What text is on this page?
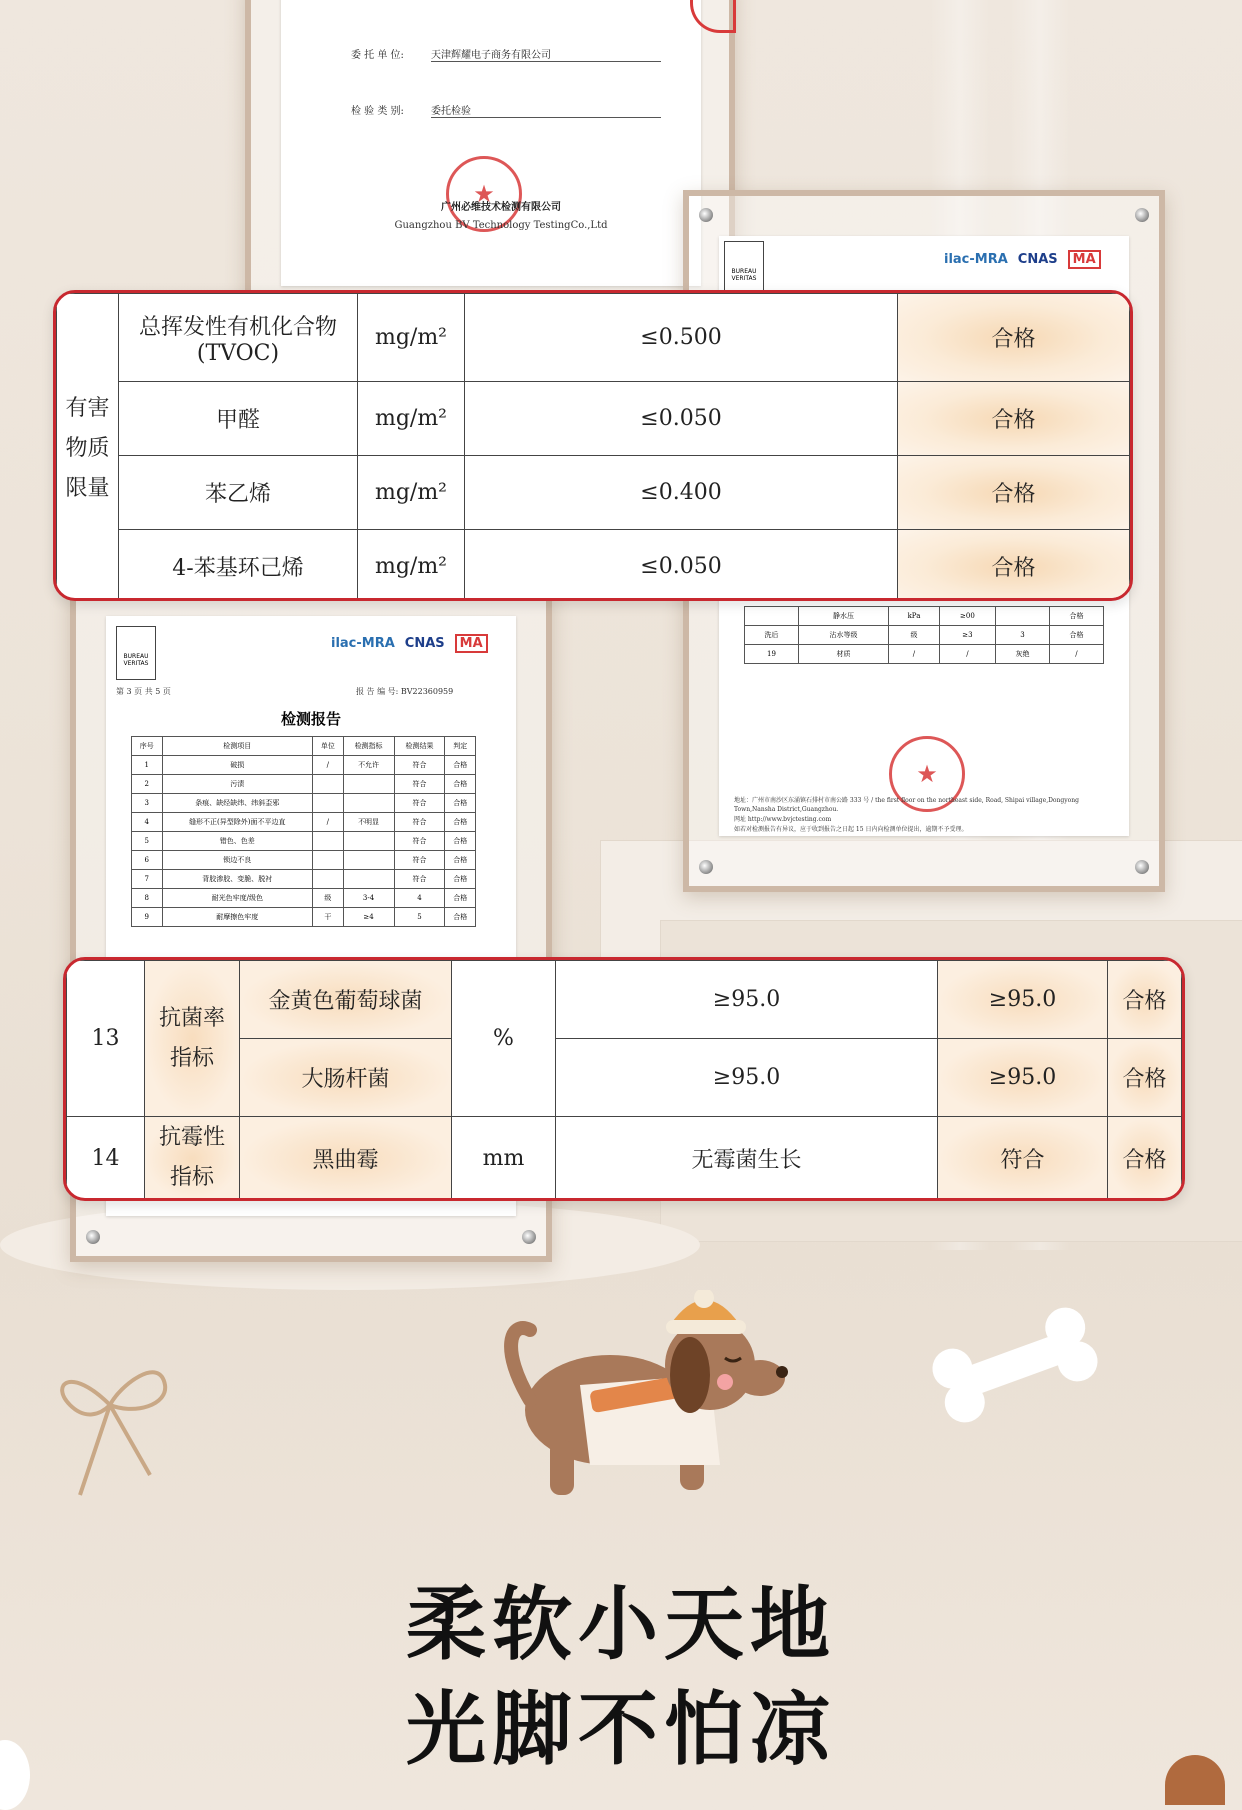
委 托 单 位:	天津辉耀电子商务有限公司
检 验 类 别:	委托检验
★
广州必维技术检测有限公司
Guangzhou BV Technology TestingCo.,Ltd
BUREAU VERITAS
ilac-MRA CNAS	MA
	静水压	kPa	≥00		合格
洗后	沾水等级	级	≥3	3	合格
19	材质	/	/	灰绝	/
★
地址：广州市南沙区东涌镇石排村市南公路 333 号 / the first floor on the northeast side, Road, Shipai village,Dongyong Town,Nansha District,Guangzhou.
网址 http://www.bvjctesting.com
如若对检测报告有异议，应于收到报告之日起 15 日内向检测单位提出，逾期不予受理。
BUREAU VERITAS
ilac-MRA CNAS	MA
第 3 页 共 5 页	报 告 编 号: BV22360959
检测报告
序号	检测项目	单位	检测指标	检测结果	判定
1	破损	/	不允许	符合	合格
2	污渍			符合	合格
3	条痕、缺经缺纬、纬斜歪邪			符合	合格
4	缝形不正(异型除外)面不平边直	/	不明显	符合	合格
5	错色、色差			符合	合格
6	锁边不良			符合	合格
7	背胶渗胶、变脆、脱衬			符合	合格
8	耐光色牢度/级色	级	3-4	4	合格
9	耐摩擦色牢度	干	≥4	5	合格
有害物质限量	总挥发性有机化合物
(TVOC)	mg/m²	≤0.500	合格
	甲醛	mg/m²	≤0.050	合格
	苯乙烯	mg/m²	≤0.400	合格
	4-苯基环己烯	mg/m²	≤0.050	合格
13	抗菌率
指标	金黄色葡萄球菌	%	≥95.0	≥95.0	合格
		大肠杆菌		≥95.0	≥95.0	合格
14	抗霉性
指标	黑曲霉	mm	无霉菌生长	符合	合格
柔软小天地
光脚不怕凉
